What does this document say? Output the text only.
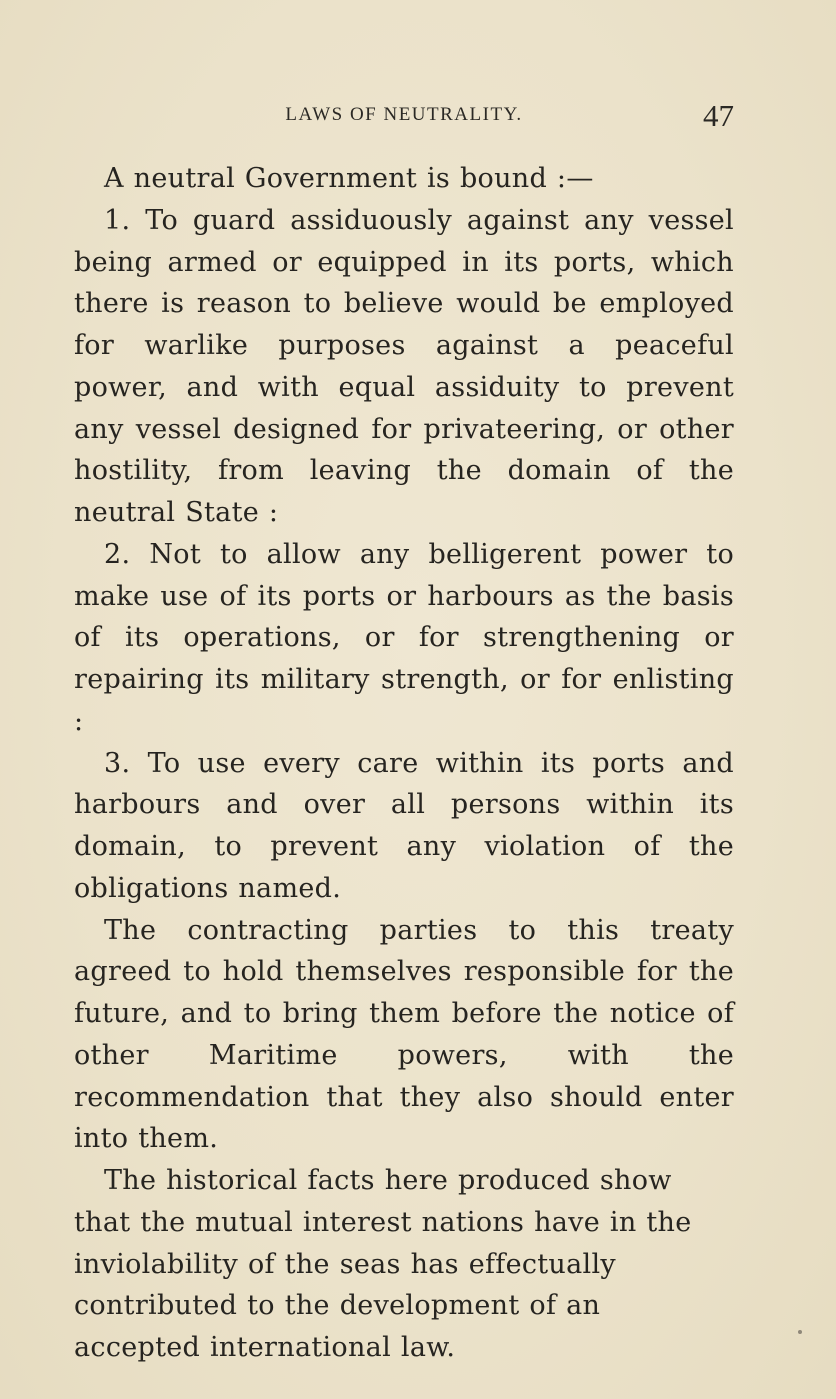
LAWS OF NEUTRALITY.	47

A neutral Government is bound :—

1. To guard assiduously against any vessel being armed or equipped in its ports, which there is reason to believe would be employed for warlike purposes against a peaceful power, and with equal assiduity to prevent any vessel designed for privateering, or other hostility, from leaving the domain of the neutral State :

2. Not to allow any belligerent power to make use of its ports or harbours as the basis of its operations, or for strengthening or repairing its military strength, or for enlisting :

3. To use every care within its ports and harbours and over all persons within its domain, to prevent any violation of the obligations named.

The contracting parties to this treaty agreed to hold themselves responsible for the future, and to bring them before the notice of other Maritime powers, with the recommendation that they also should enter into them.

The historical facts here produced show that the mutual interest nations have in the inviolability of the seas has effectually contributed to the development of an accepted international law.
